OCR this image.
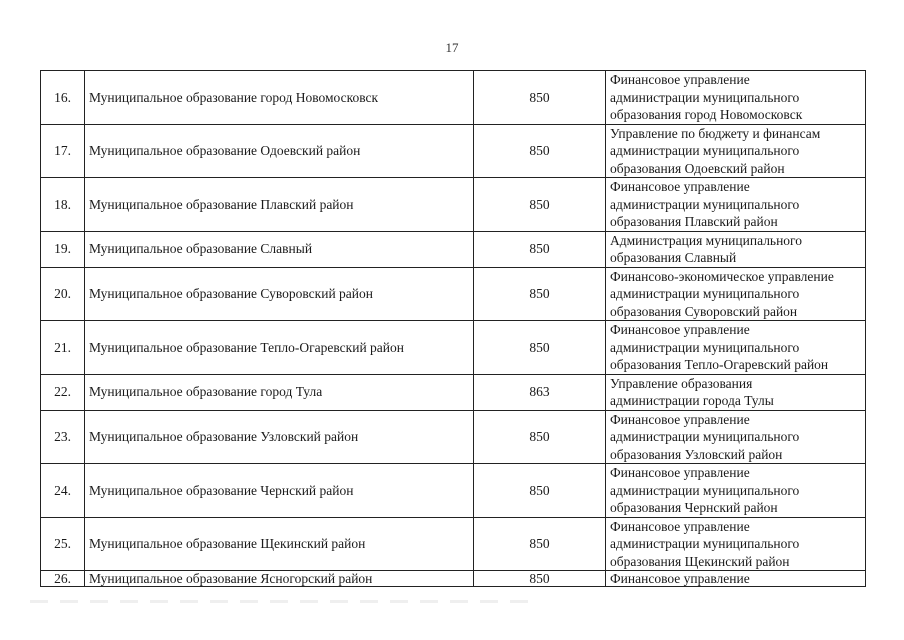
17
16.	Муниципальное образование город Новомосковск	850	Финансовое управление
администрации муниципального
образования город Новомосковск

17.	Муниципальное образование Одоевский район	850	Управление по бюджету и финансам
администрации муниципального
образования Одоевский район

18.	Муниципальное образование Плавский район	850	Финансовое управление
администрации муниципального
образования Плавский район

19.	Муниципальное образование Славный	850	Администрация муниципального
образования Славный

20.	Муниципальное образование Суворовский район	850	Финансово-экономическое управление
администрации муниципального
образования Суворовский район

21.	Муниципальное образование Тепло-Огаревский район	850	Финансовое управление
администрации муниципального
образования Тепло-Огаревский район

22.	Муниципальное образование город Тула	863	Управление образования
администрации города Тулы

23.	Муниципальное образование Узловский район	850	Финансовое управление
администрации муниципального
образования Узловский район

24.	Муниципальное образование Чернский район	850	Финансовое управление
администрации муниципального
образования Чернский район

25.	Муниципальное образование Щекинский район	850	Финансовое управление
администрации муниципального
образования Щекинский район

26.	Муниципальное образование Ясногорский район	850	Финансовое управление
